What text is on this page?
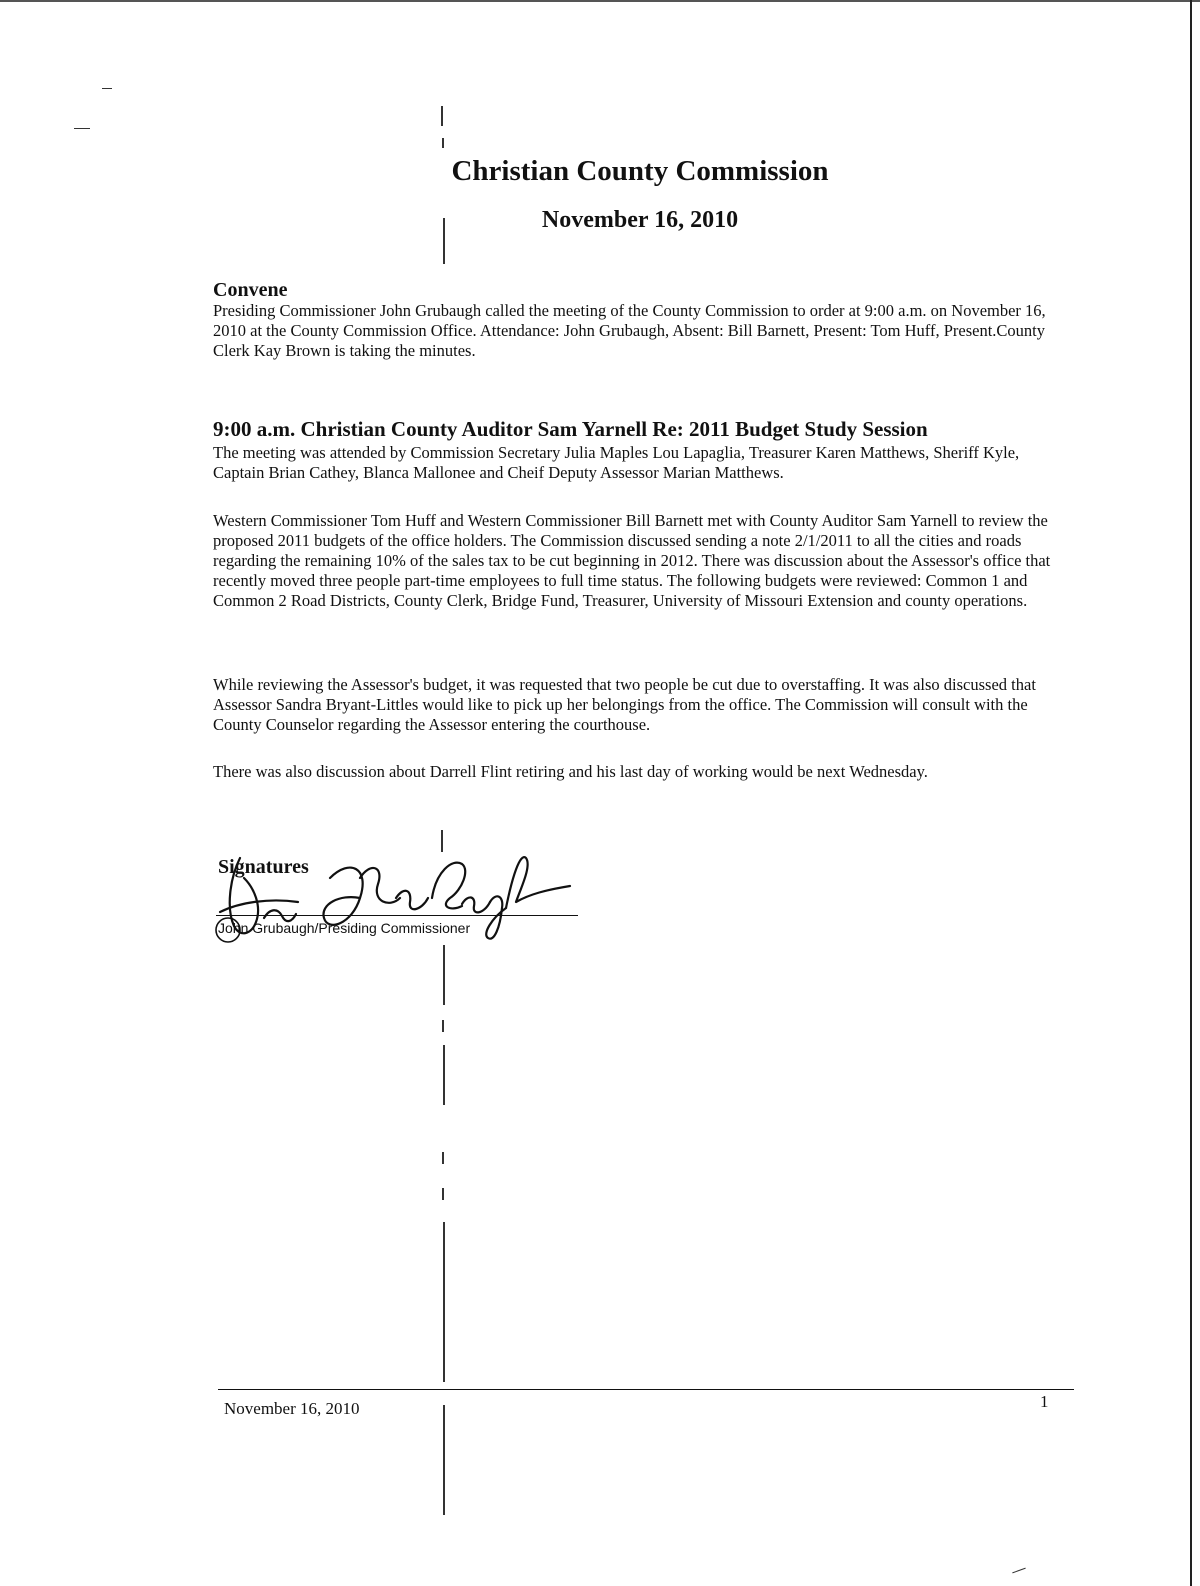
Christian County Commission
November 16, 2010
Convene
Presiding Commissioner John Grubaugh called the meeting of the County Commission to order at 9:00 a.m. on November 16, 2010 at the County Commission Office. Attendance: John Grubaugh, Absent: Bill Barnett, Present: Tom Huff, Present.County Clerk Kay Brown is taking the minutes.
9:00 a.m. Christian County Auditor Sam Yarnell Re: 2011 Budget Study Session
The meeting was attended by Commission Secretary Julia Maples Lou Lapaglia, Treasurer Karen Matthews, Sheriff Kyle, Captain Brian Cathey, Blanca Mallonee and Cheif Deputy Assessor Marian Matthews.
Western Commissioner Tom Huff and Western Commissioner Bill Barnett met with County Auditor Sam Yarnell to review the proposed 2011 budgets of the office holders. The Commission discussed sending a note 2/1/2011 to all the cities and roads regarding the remaining 10% of the sales tax to be cut beginning in 2012. There was discussion about the Assessor's office that recently moved three people part-time employees to full time status. The following budgets were reviewed: Common 1 and Common 2 Road Districts, County Clerk, Bridge Fund, Treasurer, University of Missouri Extension and county operations.
While reviewing the Assessor's budget, it was requested that two people be cut due to overstaffing. It was also discussed that Assessor Sandra Bryant-Littles would like to pick up her belongings from the office. The Commission will consult with the County Counselor regarding the Assessor entering the courthouse.
There was also discussion about Darrell Flint retiring and his last day of working would be next Wednesday.
Signatures
John Grubaugh/Presiding Commissioner
November 16, 2010	1
